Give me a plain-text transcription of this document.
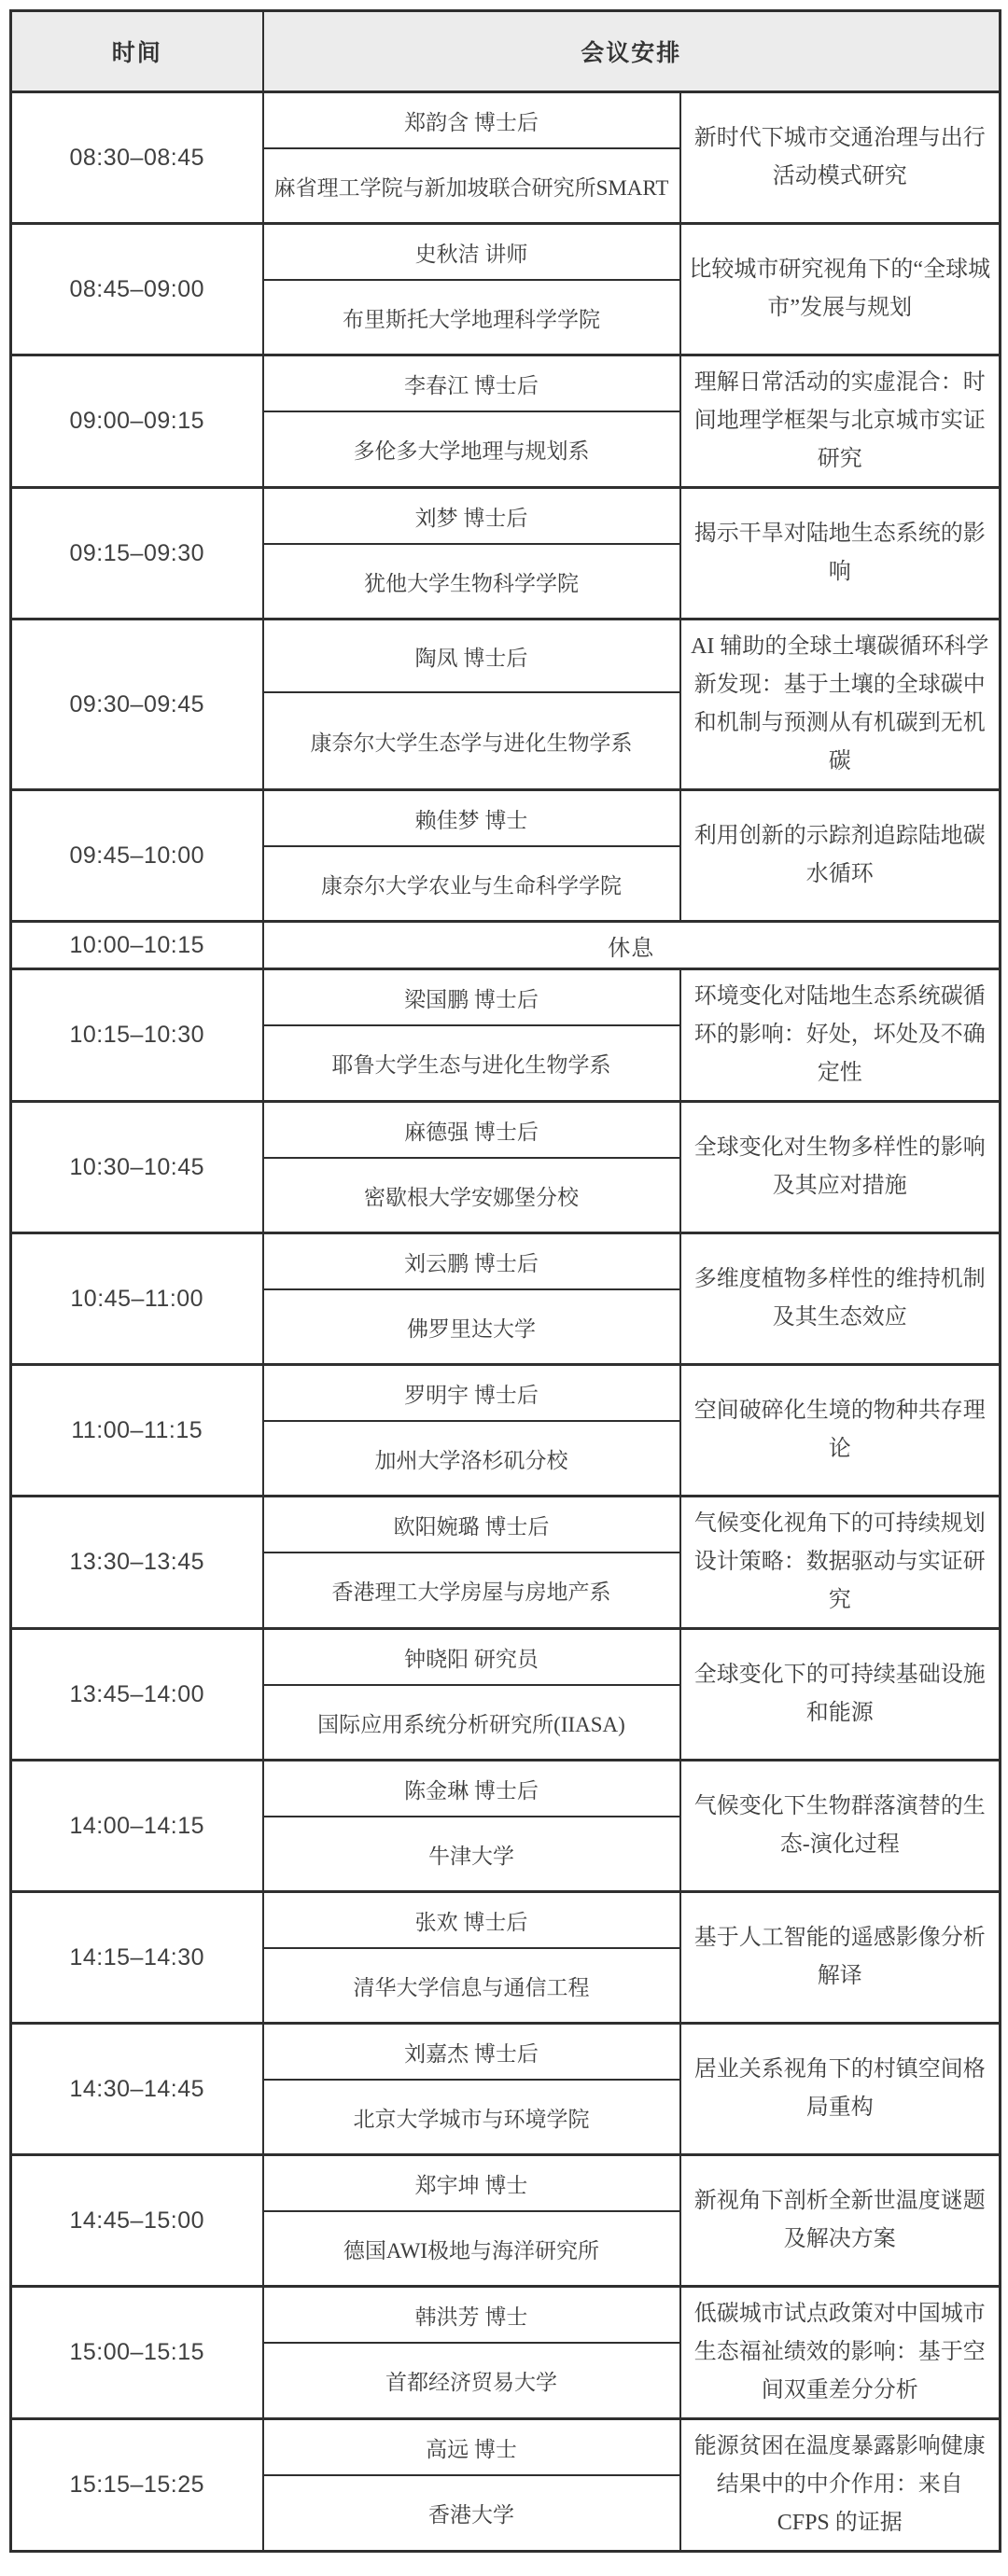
时间	会议安排	
08:30–08:45	郑韵含 博士后	新时代下城市交通治理与出行活动模式研究
	麻省理工学院与新加坡联合研究所SMART	
08:45–09:00	史秋洁 讲师	比较城市研究视角下的“全球城市”发展与规划
	布里斯托大学地理科学学院	
09:00–09:15	李春江 博士后	理解日常活动的实虚混合：时间地理学框架与北京城市实证研究
	多伦多大学地理与规划系	
09:15–09:30	刘梦 博士后	揭示干旱对陆地生态系统的影响
	犹他大学生物科学学院	
09:30–09:45	陶凤 博士后	AI 辅助的全球土壤碳循环科学新发现：基于土壤的全球碳中和机制与预测从有机碳到无机碳
	康奈尔大学生态学与进化生物学系	
09:45–10:00	赖佳梦 博士	利用创新的示踪剂追踪陆地碳水循环
	康奈尔大学农业与生命科学学院	
10:00–10:15	休息	
10:15–10:30	梁国鹏 博士后	环境变化对陆地生态系统碳循环的影响：好处，坏处及不确定性
	耶鲁大学生态与进化生物学系	
10:30–10:45	麻德强 博士后	全球变化对生物多样性的影响及其应对措施
	密歇根大学安娜堡分校	
10:45–11:00	刘云鹏 博士后	多维度植物多样性的维持机制及其生态效应
	佛罗里达大学	
11:00–11:15	罗明宇 博士后	空间破碎化生境的物种共存理论
	加州大学洛杉矶分校	
13:30–13:45	欧阳婉璐 博士后	气候变化视角下的可持续规划设计策略：数据驱动与实证研究
	香港理工大学房屋与房地产系	
13:45–14:00	钟晓阳 研究员	全球变化下的可持续基础设施和能源
	国际应用系统分析研究所(IIASA)	
14:00–14:15	陈金琳 博士后	气候变化下生物群落演替的生态-演化过程
	牛津大学	
14:15–14:30	张欢 博士后	基于人工智能的遥感影像分析解译
	清华大学信息与通信工程	
14:30–14:45	刘嘉杰 博士后	居业关系视角下的村镇空间格局重构
	北京大学城市与环境学院	
14:45–15:00	郑宇坤 博士	新视角下剖析全新世温度谜题及解决方案
	德国AWI极地与海洋研究所	
15:00–15:15	韩洪芳 博士	低碳城市试点政策对中国城市生态福祉绩效的影响：基于空间双重差分分析
	首都经济贸易大学	
15:15–15:25	高远 博士	能源贫困在温度暴露影响健康结果中的中介作用：来自 CFPS 的证据
	香港大学	
